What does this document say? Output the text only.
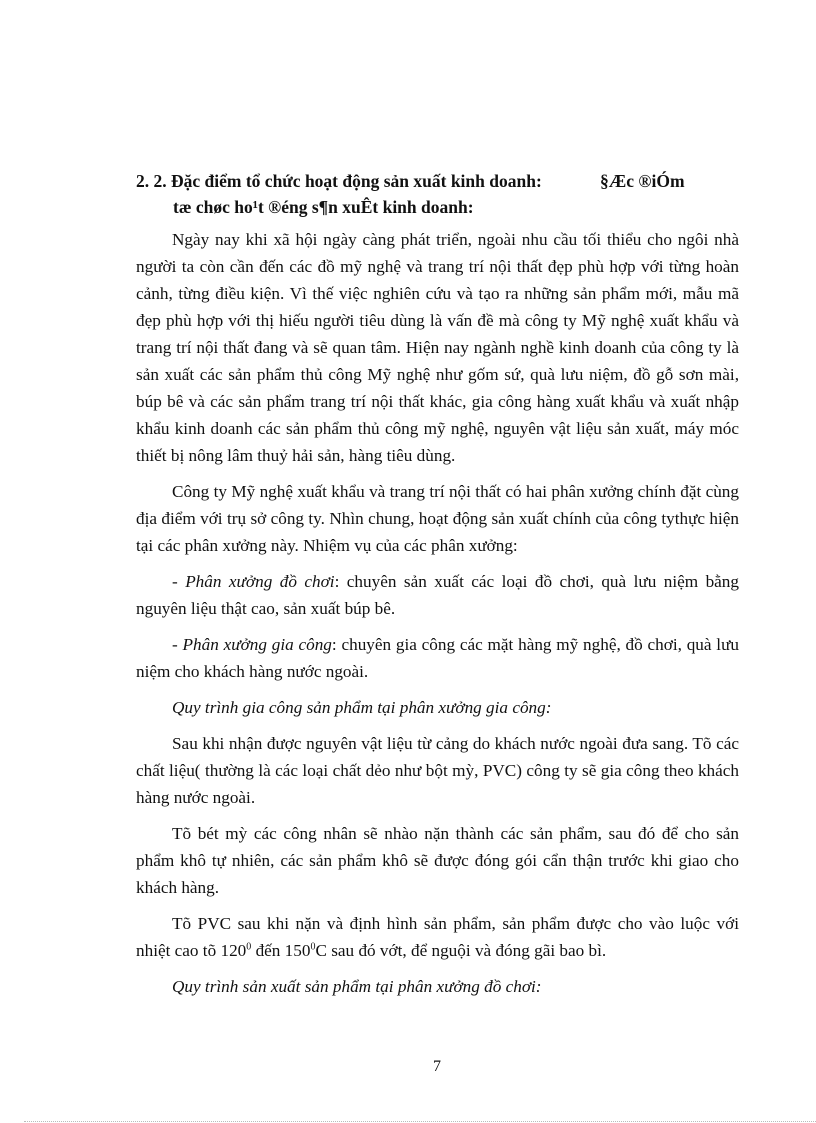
2. 2. Đặc điểm tổ chức hoạt động sản xuất kinh doanh:	§Æc ®iÓm
tæ chøc ho¹t ®éng s¶n xuÊt kinh doanh:

Ngày nay khi xã hội ngày càng phát triển, ngoài nhu cầu tối thiểu cho ngôi nhà người ta còn cần đến các đồ mỹ nghệ và trang trí nội thất đẹp phù hợp với từng hoàn cảnh, từng điều kiện. Vì thế việc nghiên cứu và tạo ra những sản phẩm mới, mẫu mã đẹp phù hợp với thị hiếu người tiêu dùng là vấn đề mà công ty Mỹ nghệ xuất khẩu và trang trí nội thất đang và sẽ quan tâm. Hiện nay ngành nghề kinh doanh của công ty là sản xuất các sản phẩm thủ công Mỹ nghệ như gốm sứ, quà lưu niệm, đồ gỗ sơn mài, búp bê và các sản phẩm trang trí nội thất khác, gia công hàng xuất khẩu và xuất nhập khẩu kinh doanh các sản phẩm thủ công mỹ nghệ, nguyên vật liệu sản xuất, máy móc thiết bị nông lâm thuỷ hải sản, hàng tiêu dùng.

Công ty Mỹ nghệ xuất khẩu và trang trí nội thất có hai phân xưởng chính đặt cùng địa điểm với trụ sở công ty. Nhìn chung, hoạt động sản xuất chính của công tythực hiện tại các phân xưởng này. Nhiệm vụ của các phân xưởng:

- Phân xưởng đồ chơi: chuyên sản xuất các loại đồ chơi, quà lưu niệm bằng nguyên liệu thật cao, sản xuất búp bê.

- Phân xưởng gia công: chuyên gia công các mặt hàng mỹ nghệ, đồ chơi, quà lưu niệm cho khách hàng nước ngoài.

Quy trình gia công sản phẩm tại phân xưởng gia công:

Sau khi nhận được nguyên vật liệu từ cảng do khách nước ngoài đưa sang. Tõ các chất liệu( thường là các loại chất dẻo như bột mỳ, PVC) công ty sẽ gia công theo khách hàng nước ngoài.

Tõ bét mỳ các công nhân sẽ nhào nặn thành các sản phẩm, sau đó để cho sản phẩm khô tự nhiên, các sản phẩm khô sẽ được đóng gói cẩn thận trước khi giao cho khách hàng.

Tõ PVC sau khi nặn và định hình sản phẩm, sản phẩm được cho vào luộc với nhiệt cao tõ $120^0$ đến $150^0C$ sau đó vớt, để nguội và đóng gãi bao bì.

Quy trình sản xuất sản phẩm tại phân xưởng đồ chơi:

7
